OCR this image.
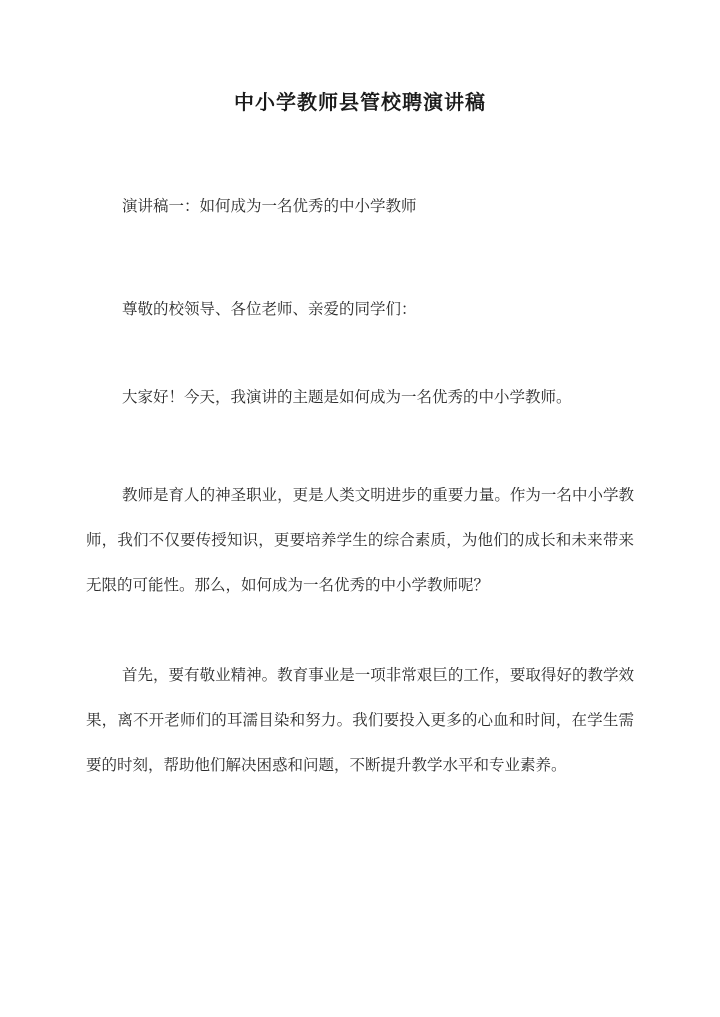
中小学教师县管校聘演讲稿

演讲稿一：如何成为一名优秀的中小学教师

尊敬的校领导、各位老师、亲爱的同学们：

大家好！今天，我演讲的主题是如何成为一名优秀的中小学教师。

教师是育人的神圣职业，更是人类文明进步的重要力量。作为一名中小学教师，我们不仅要传授知识，更要培养学生的综合素质，为他们的成长和未来带来无限的可能性。那么，如何成为一名优秀的中小学教师呢？

首先，要有敬业精神。教育事业是一项非常艰巨的工作，要取得好的教学效果，离不开老师们的耳濡目染和努力。我们要投入更多的心血和时间，在学生需要的时刻，帮助他们解决困惑和问题，不断提升教学水平和专业素养。
